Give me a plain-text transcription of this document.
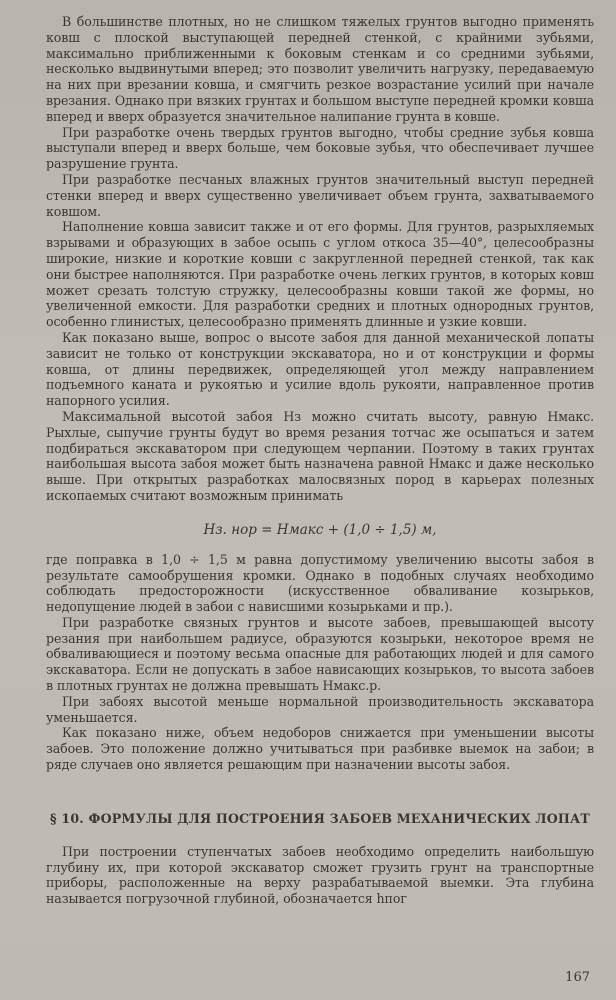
В большинстве плотных, но не слишком тяжелых грунтов выгодно применять ковш с плоской выступающей передней стенкой, с крайними зубьями, максимально приближенными к боковым стенкам и со средними зубьями, несколько выдвинутыми вперед; это позволит увеличить нагрузку, передаваемую на них при врезании ковша, и смягчить резкое возрастание усилий при начале врезания. Однако при вязких грунтах и большом выступе передней кромки ковша вперед и вверх образуется значительное налипание грунта в ковше.

При разработке очень твердых грунтов выгодно, чтобы средние зубья ковша выступали вперед и вверх больше, чем боковые зубья, что обеспечивает лучшее разрушение грунта.

При разработке песчаных влажных грунтов значительный выступ передней стенки вперед и вверх существенно увеличивает объем грунта, захватываемого ковшом.

Наполнение ковша зависит также и от его формы. Для грунтов, разрыхляемых взрывами и образующих в забое осыпь с углом откоса 35—40°, целесообразны широкие, низкие и короткие ковши с закругленной передней стенкой, так как они быстрее наполняются. При разработке очень легких грунтов, в которых ковш может срезать толстую стружку, целесообразны ковши такой же формы, но увеличенной емкости. Для разработки средних и плотных однородных грунтов, особенно глинистых, целесообразно применять длинные и узкие ковши.

Как показано выше, вопрос о высоте забоя для данной механической лопаты зависит не только от конструкции экскаватора, но и от конструкции и формы ковша, от длины передвижек, определяющей угол между направлением подъемного каната и рукоятью и усилие вдоль рукояти, направленное против напорного усилия.

Максимальной высотой забоя Hз можно считать высоту, равную Hмакс. Рыхлые, сыпучие грунты будут во время резания тотчас же осыпаться и затем подбираться экскаватором при следующем черпании. Поэтому в таких грунтах наибольшая высота забоя может быть назначена равной Hмакс и даже несколько выше. При открытых разработках малосвязных пород в карьерах полезных ископаемых считают возможным принимать

Hз. нор = Hмакс + (1,0 ÷ 1,5) м,

где поправка в 1,0 ÷ 1,5 м равна допустимому увеличению высоты забоя в результате самообрушения кромки. Однако в подобных случаях необходимо соблюдать предосторожности (искусственное обваливание козырьков, недопущение людей в забои с нависшими козырьками и пр.).

При разработке связных грунтов и высоте забоев, превышающей высоту резания при наибольшем радиусе, образуются козырьки, некоторое время не обваливающиеся и поэтому весьма опасные для работающих людей и для самого экскаватора. Если не допускать в забое нависающих козырьков, то высота забоев в плотных грунтах не должна превышать Hмакс.р.

При забоях высотой меньше нормальной производительность экскаватора уменьшается.

Как показано ниже, объем недоборов снижается при уменьшении высоты забоев. Это положение должно учитываться при разбивке выемок на забои; в ряде случаев оно является решающим при назначении высоты забоя.

§ 10. ФОРМУЛЫ ДЛЯ ПОСТРОЕНИЯ ЗАБОЕВ МЕХАНИЧЕСКИХ ЛОПАТ

При построении ступенчатых забоев необходимо определить наибольшую глубину их, при которой экскаватор сможет грузить грунт на транспортные приборы, расположенные на верху разрабатываемой выемки. Эта глубина называется погрузочной глубиной, обозначается hпог

167
